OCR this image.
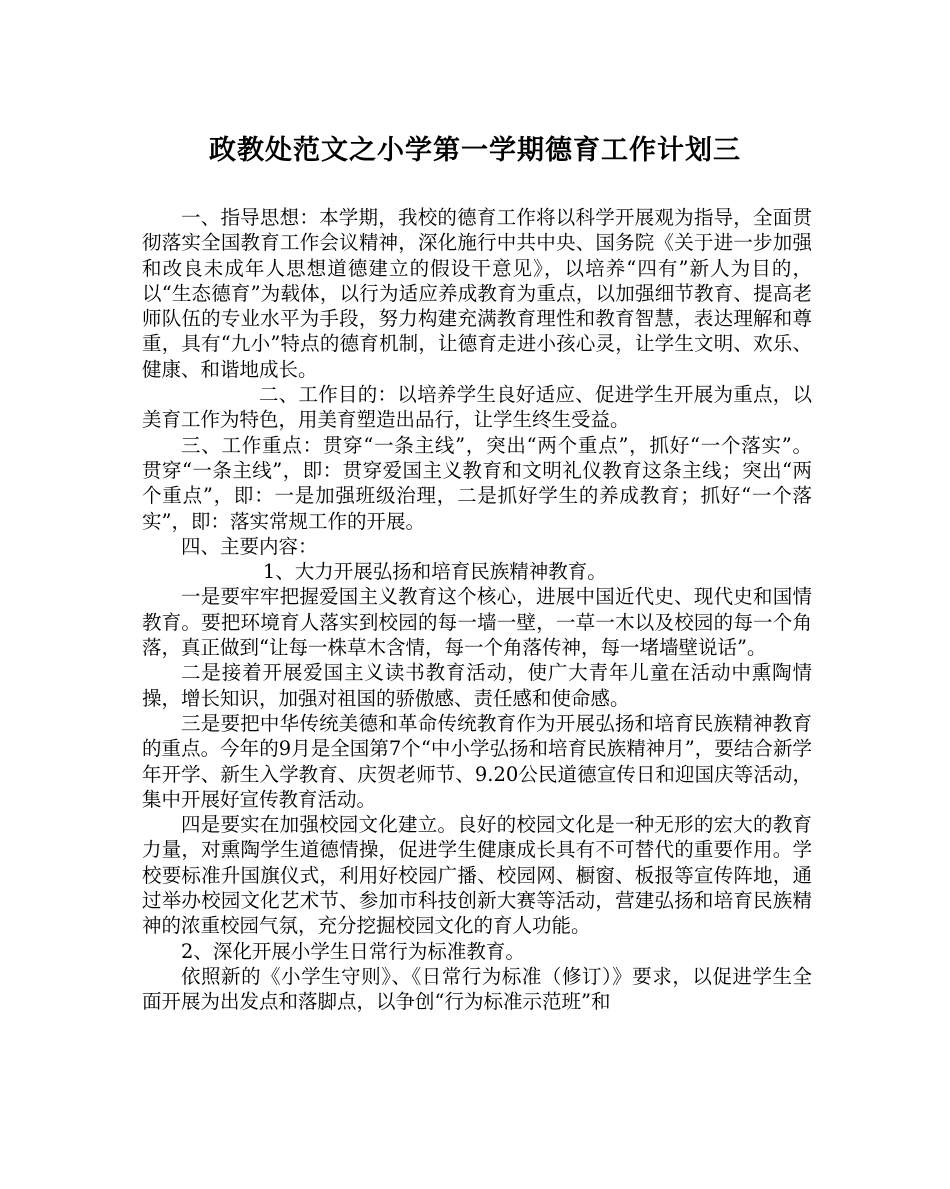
政教处范文之小学第一学期德育工作计划三

一、指导思想：本学期，我校的德育工作将以科学开展观为指导，全面贯彻落实全国教育工作会议精神，深化施行中共中央、国务院《关于进一步加强和改良未成年人思想道德建立的假设干意见》，以培养“四有”新人为目的，以“生态德育”为载体，以行为适应养成教育为重点，以加强细节教育、提高老师队伍的专业水平为手段，努力构建充满教育理性和教育智慧，表达理解和尊重，具有“九小”特点的德育机制，让德育走进小孩心灵，让学生文明、欢乐、健康、和谐地成长。

二、工作目的：以培养学生良好适应、促进学生开展为重点，以美育工作为特色，用美育塑造出品行，让学生终生受益。

三、工作重点：贯穿“一条主线”，突出“两个重点”，抓好“一个落实”。 贯穿“一条主线”，即：贯穿爱国主义教育和文明礼仪教育这条主线；突出“两个重点”，即：一是加强班级治理，二是抓好学生的养成教育；抓好“一个落实”，即：落实常规工作的开展。

四、主要内容：

1、大力开展弘扬和培育民族精神教育。

一是要牢牢把握爱国主义教育这个核心，进展中国近代史、现代史和国情教育。要把环境育人落实到校园的每一墙一壁，一草一木以及校园的每一个角落，真正做到“让每一株草木含情，每一个角落传神，每一堵墙壁说话”。

二是接着开展爱国主义读书教育活动，使广大青年儿童在活动中熏陶情操，增长知识，加强对祖国的骄傲感、责任感和使命感。

三是要把中华传统美德和革命传统教育作为开展弘扬和培育民族精神教育的重点。今年的9月是全国第7个“中小学弘扬和培育民族精神月”，要结合新学年开学、新生入学教育、庆贺老师节、9.20公民道德宣传日和迎国庆等活动，集中开展好宣传教育活动。

四是要实在加强校园文化建立。良好的校园文化是一种无形的宏大的教育力量，对熏陶学生道德情操，促进学生健康成长具有不可替代的重要作用。学校要标准升国旗仪式，利用好校园广播、校园网、橱窗、板报等宣传阵地，通过举办校园文化艺术节、参加市科技创新大赛等活动，营建弘扬和培育民族精神的浓重校园气氛，充分挖掘校园文化的育人功能。

2、深化开展小学生日常行为标准教育。

依照新的《小学生守则》、《日常行为标准（修订）》要求，以促进学生全面开展为出发点和落脚点，以争创“行为标准示范班”和
